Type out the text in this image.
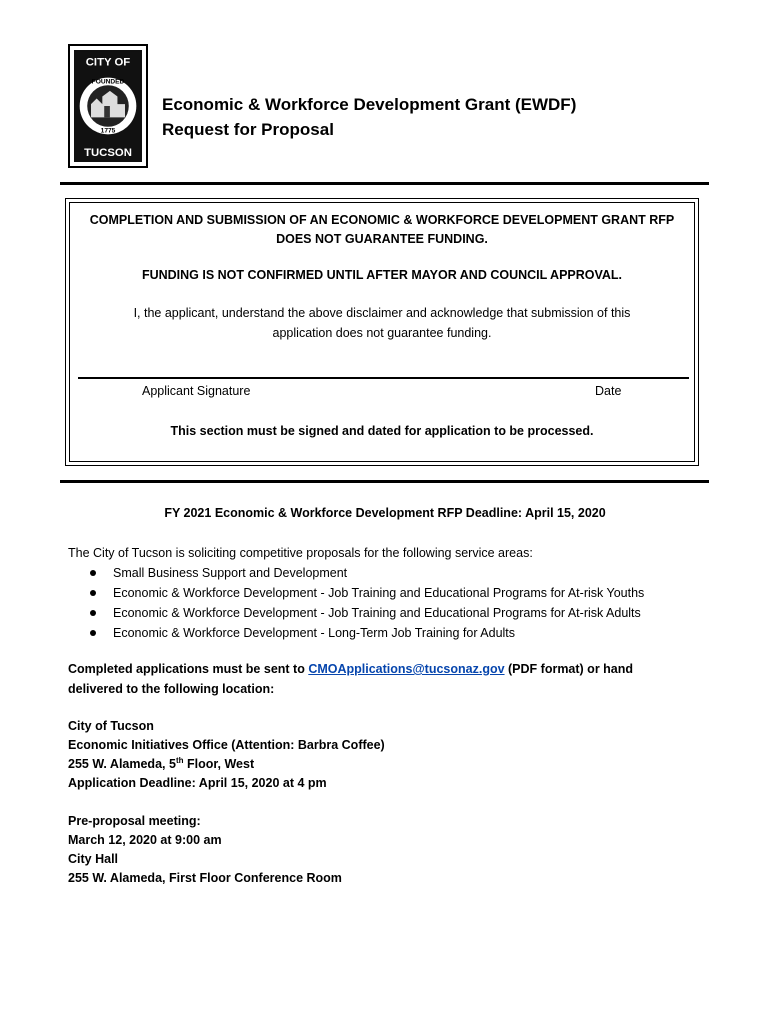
CITY OF
FOUNDED
1775
TUCSON
Economic & Workforce Development Grant (EWDF)
Request for Proposal
COMPLETION AND SUBMISSION OF AN ECONOMIC & WORKFORCE DEVELOPMENT GRANT RFP
DOES NOT GUARANTEE FUNDING.
FUNDING IS NOT CONFIRMED UNTIL AFTER MAYOR AND COUNCIL APPROVAL.
I, the applicant, understand the above disclaimer and acknowledge that submission of this
application does not guarantee funding.
This section must be signed and dated for application to be processed.
Applicant Signature	Date
FY 2021 Economic & Workforce Development RFP Deadline: April 15, 2020
The City of Tucson is soliciting competitive proposals for the following service areas:
Small Business Support and Development
Economic & Workforce Development - Job Training and Educational Programs for At-risk Youths
Economic & Workforce Development - Job Training and Educational Programs for At-risk Adults
Economic & Workforce Development - Long-Term Job Training for Adults
Completed applications must be sent to CMOApplications@tucsonaz.gov (PDF format) or hand
delivered to the following location:
City of Tucson
Economic Initiatives Office (Attention: Barbra Coffee)
255 W. Alameda, 5th Floor, West
Application Deadline: April 15, 2020 at 4 pm
Pre-proposal meeting:
March 12, 2020 at 9:00 am
City Hall
255 W. Alameda, First Floor Conference Room
